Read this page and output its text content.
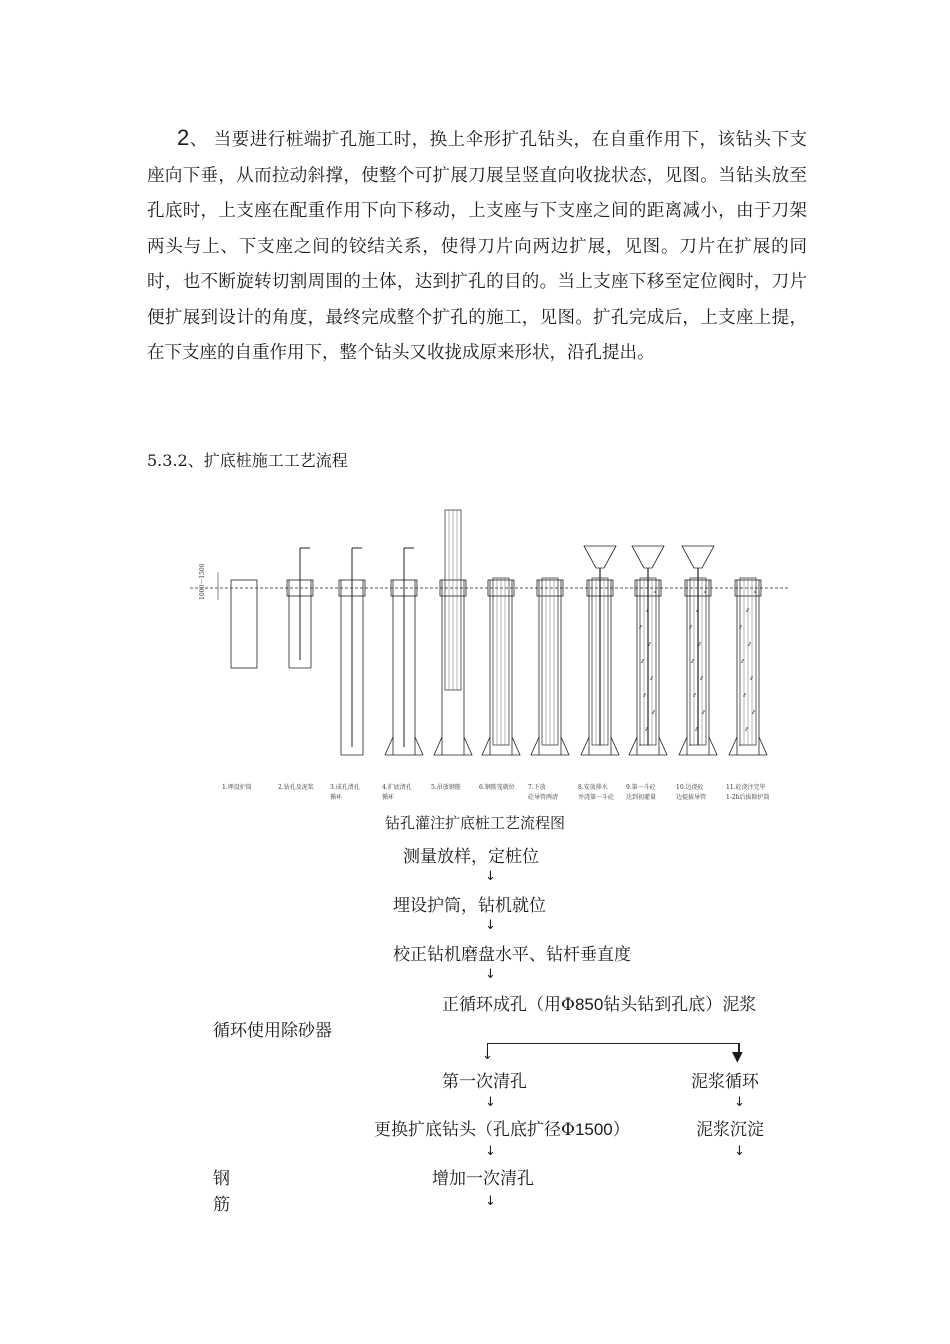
2、 当要进行桩端扩孔施工时，换上伞形扩孔钻头，在自重作用下，该钻头下支座向下垂，从而拉动斜撑，使整个可扩展刀展呈竖直向收拢状态，见图。当钻头放至孔底时，上支座在配重作用下向下移动，上支座与下支座之间的距离减小，由于刀架两头与上、下支座之间的铰结关系，使得刀片向两边扩展，见图。刀片在扩展的同时，也不断旋转切割周围的土体，达到扩孔的目的。当上支座下移至定位阀时，刀片便扩展到设计的角度，最终完成整个扩孔的施工，见图。扩孔完成后，上支座上提，在下支座的自重作用下，整个钻头又收拢成原来形状，沿孔提出。
5.3.2、扩底桩施工工艺流程
1000～1500
1.埋设护筒	2.钻孔及泥浆	3.成孔清孔
循环
4.扩底清孔
循环
5.吊放钢筋	6.钢筋笼就位 7.下放
砼导管两清
8.安放排水
并浇第一斗砼
9.第一斗砼
达到初灌量
10.边浇砼
边提拔导管
11.砼浇注完毕
1-2h后拔除护筒
钻孔灌注扩底桩工艺流程图
测量放样，定桩位
↓
埋设护筒，钻机就位
↓
校正钻机磨盘水平、钻杆垂直度
↓
正循环成孔（用Φ850钻头钻到孔底）泥浆
循环使用除砂器
↓	▼
第一次清孔	泥浆循环
↓	↓
更换扩底钻头（孔底扩径Φ1500）	泥浆沉淀
↓	↓
钢	增加一次清孔
筋	↓
